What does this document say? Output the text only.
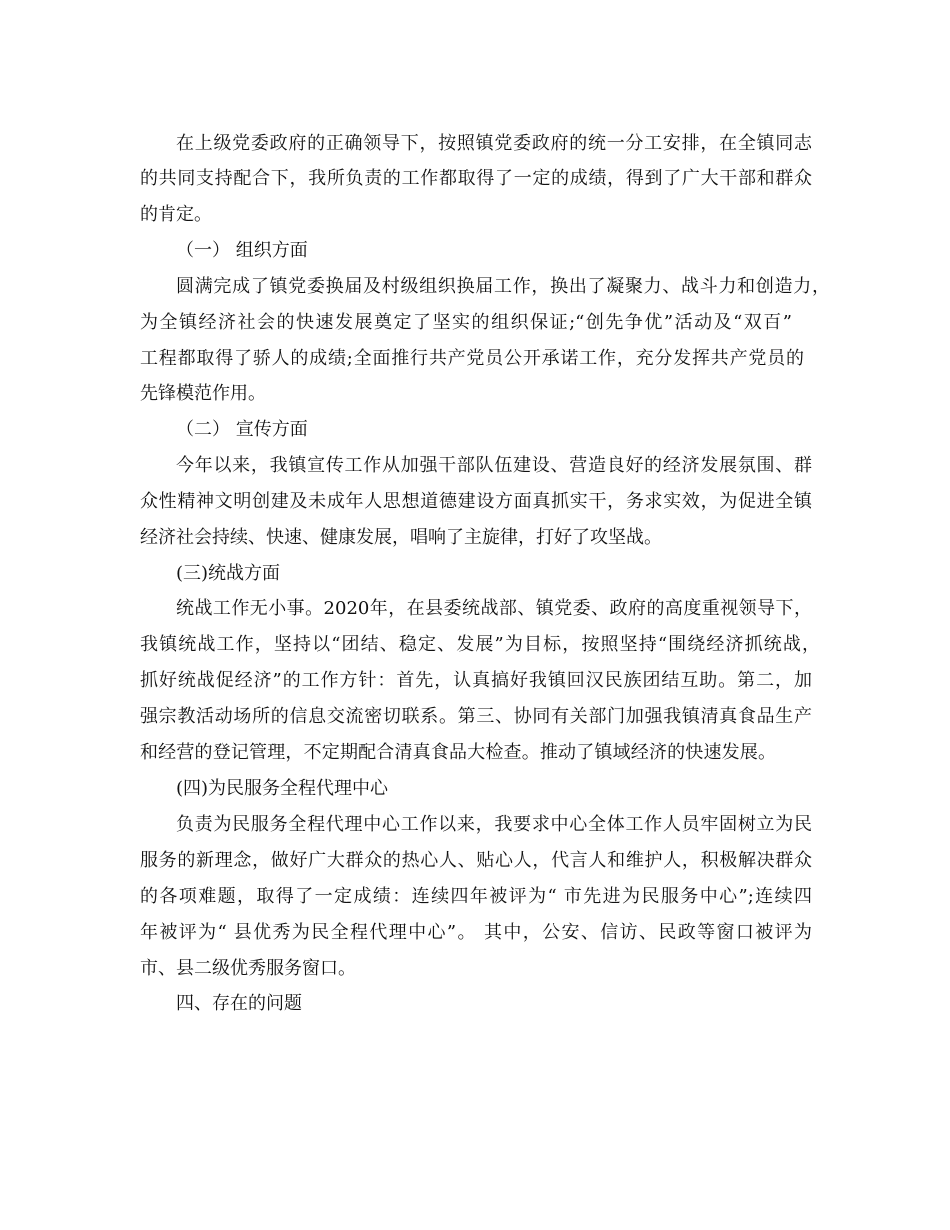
在上级党委政府的正确领导下，按照镇党委政府的统一分工安排，在全镇同志
的共同支持配合下，我所负责的工作都取得了一定的成绩，得到了广大干部和群众
的肯定。
（一） 组织方面
圆满完成了镇党委换届及村级组织换届工作，换出了凝聚力、战斗力和创造力，
为全镇经济社会的快速发展奠定了坚实的组织保证;“创先争优”活动及“双百”
工程都取得了骄人的成绩;全面推行共产党员公开承诺工作，充分发挥共产党员的
先锋模范作用。
（二） 宣传方面
今年以来，我镇宣传工作从加强干部队伍建设、营造良好的经济发展氛围、群
众性精神文明创建及未成年人思想道德建设方面真抓实干，务求实效，为促进全镇
经济社会持续、快速、健康发展，唱响了主旋律，打好了攻坚战。
(三)统战方面
统战工作无小事。2020年，在县委统战部、镇党委、政府的高度重视领导下，
我镇统战工作，坚持以“团结、稳定、发展”为目标，按照坚持“围绕经济抓统战，
抓好统战促经济”的工作方针：首先，认真搞好我镇回汉民族团结互助。第二，加
强宗教活动场所的信息交流密切联系。第三、协同有关部门加强我镇清真食品生产
和经营的登记管理，不定期配合清真食品大检查。推动了镇域经济的快速发展。
(四)为民服务全程代理中心
负责为民服务全程代理中心工作以来，我要求中心全体工作人员牢固树立为民
服务的新理念，做好广大群众的热心人、贴心人，代言人和维护人，积极解决群众
的各项难题，取得了一定成绩：连续四年被评为“ 市先进为民服务中心”;连续四
年被评为“ 县优秀为民全程代理中心”。 其中，公安、信访、民政等窗口被评为
市、县二级优秀服务窗口。
四、存在的问题
